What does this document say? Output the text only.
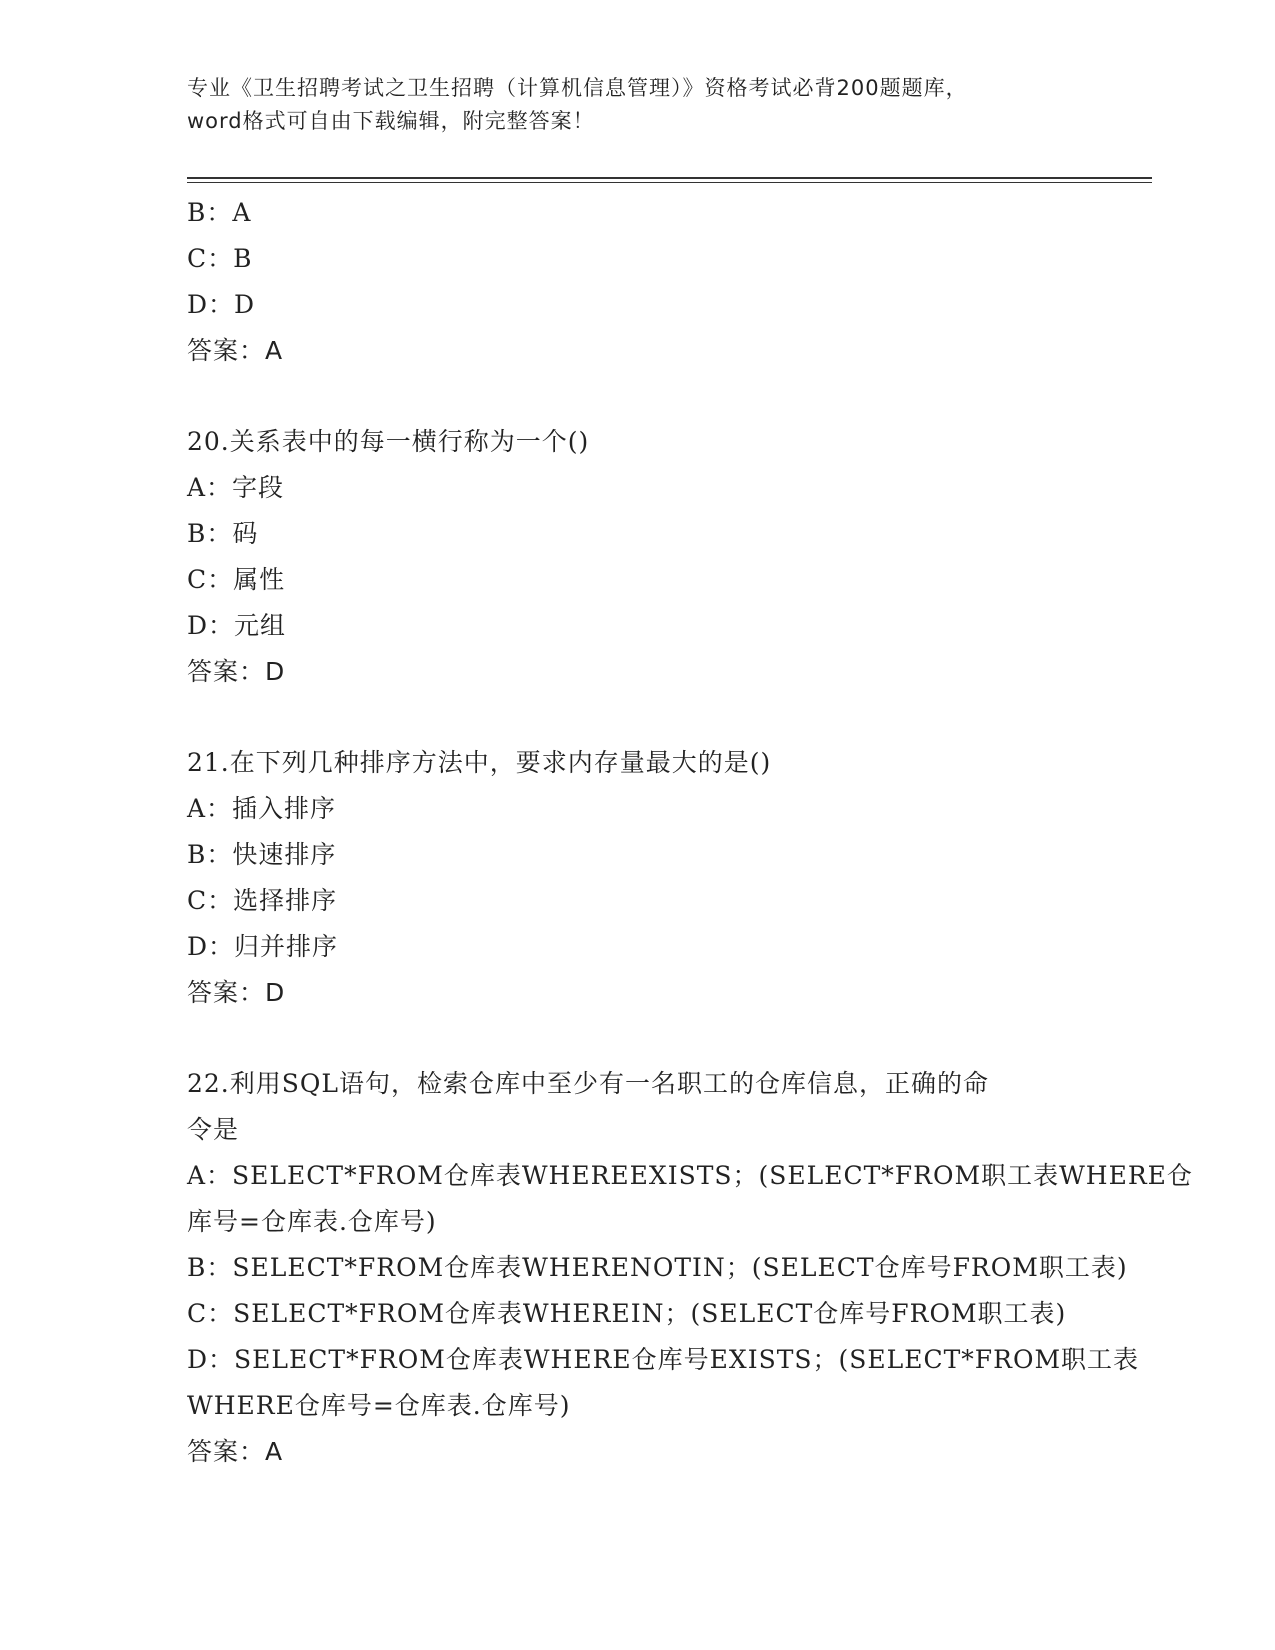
专业《卫生招聘考试之卫生招聘（计算机信息管理）》资格考试必背200题题库，
word格式可自由下载编辑，附完整答案！
B：A
C：B
D：D
答案：A
20.关系表中的每一横行称为一个()
A：字段
B：码
C：属性
D：元组
答案：D
21.在下列几种排序方法中，要求内存量最大的是()
A：插入排序
B：快速排序
C：选择排序
D：归并排序
答案：D
22.利用SQL语句，检索仓库中至少有一名职工的仓库信息，正确的命
令是
A：SELECT*FROM仓库表WHEREEXISTS；(SELECT*FROM职工表WHERE仓
库号=仓库表.仓库号)
B：SELECT*FROM仓库表WHERENOTIN；(SELECT仓库号FROM职工表)
C：SELECT*FROM仓库表WHEREIN；(SELECT仓库号FROM职工表)
D：SELECT*FROM仓库表WHERE仓库号EXISTS；(SELECT*FROM职工表
WHERE仓库号=仓库表.仓库号)
答案：A
